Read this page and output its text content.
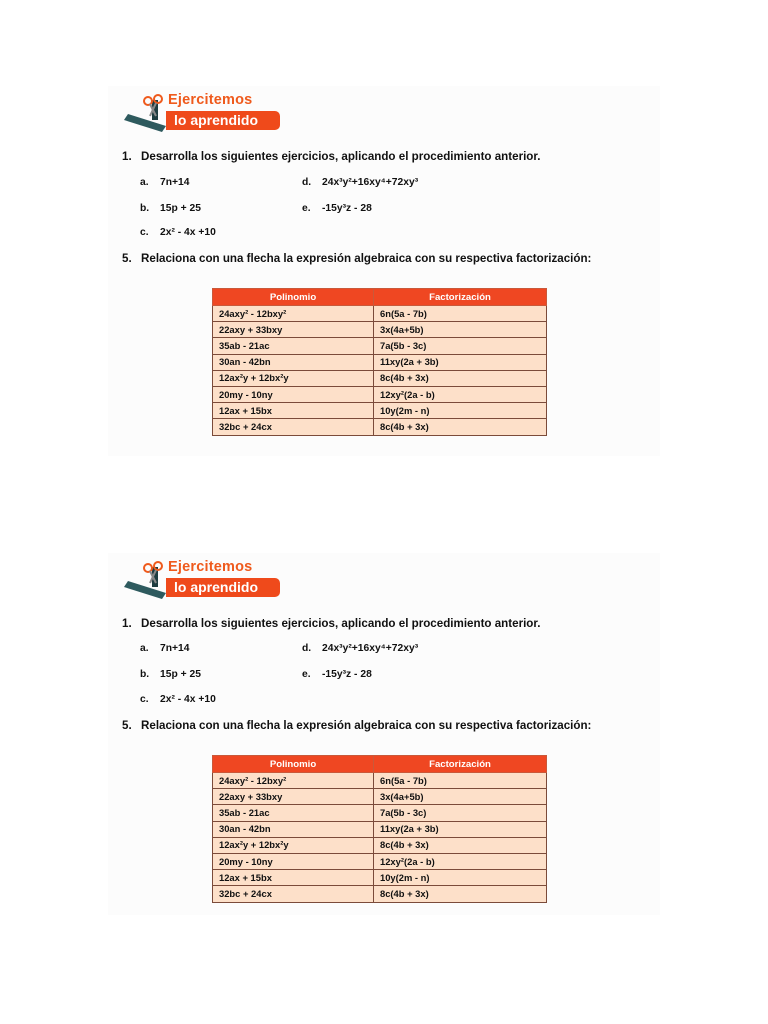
Ejercitemos
lo aprendido
1. Desarrolla los siguientes ejercicios, aplicando el procedimiento anterior.
a. 7n+14
b. 15p + 25
c. 2x² - 4x +10
d. 24x³y²+16xy⁴+72xy³
e. -15y³z - 28
5. Relaciona con una flecha la expresión algebraica con su respectiva factorización:
Polinomio	Factorización
24axy² - 12bxy²	6n(5a - 7b)
22axy + 33bxy	3x(4a+5b)
35ab - 21ac	7a(5b - 3c)
30an - 42bn	11xy(2a + 3b)
12ax²y + 12bx²y	8c(4b + 3x)
20my - 10ny	12xy²(2a - b)
12ax + 15bx	10y(2m - n)
32bc + 24cx	8c(4b + 3x)
Ejercitemos
lo aprendido
1. Desarrolla los siguientes ejercicios, aplicando el procedimiento anterior.
a. 7n+14
b. 15p + 25
c. 2x² - 4x +10
d. 24x³y²+16xy⁴+72xy³
e. -15y³z - 28
5. Relaciona con una flecha la expresión algebraica con su respectiva factorización:
Polinomio	Factorización
24axy² - 12bxy²	6n(5a - 7b)
22axy + 33bxy	3x(4a+5b)
35ab - 21ac	7a(5b - 3c)
30an - 42bn	11xy(2a + 3b)
12ax²y + 12bx²y	8c(4b + 3x)
20my - 10ny	12xy²(2a - b)
12ax + 15bx	10y(2m - n)
32bc + 24cx	8c(4b + 3x)
